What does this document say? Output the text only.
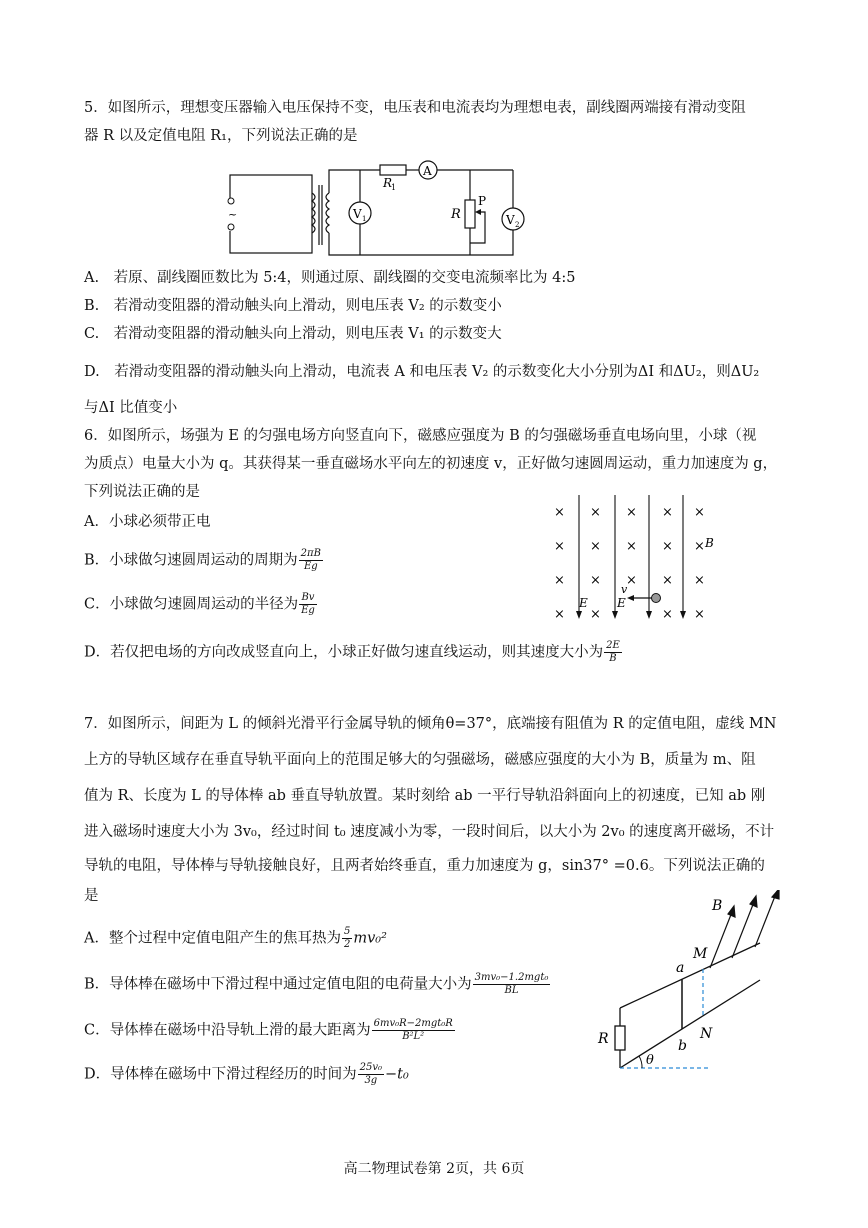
5．如图所示，理想变压器输入电压保持不变，电压表和电流表均为理想电表，副线圈两端接有滑动变阻
器 R 以及定值电阻 R₁，下列说法正确的是
~
A
R
1
V 1	R
P
V 2
A.　若原、副线圈匝数比为 5:4，则通过原、副线圈的交变电流频率比为 4:5
B.　若滑动变阻器的滑动触头向上滑动，则电压表 V₂ 的示数变小
C.　若滑动变阻器的滑动触头向上滑动，则电压表 V₁ 的示数变大
D.　若滑动变阻器的滑动触头向上滑动，电流表 A 和电压表 V₂ 的示数变化大小分别为ΔI 和ΔU₂，则ΔU₂
与ΔI 比值变小
6．如图所示，场强为 E 的匀强电场方向竖直向下，磁感应强度为 B 的匀强磁场垂直电场向里，小球（视
为质点）电量大小为 q。其获得某一垂直磁场水平向左的初速度 v，正好做匀速圆周运动，重力加速度为 g，
下列说法正确的是
A．小球必须带正电
B．小球做匀速圆周运动的周期为 $\frac{2\pi B}{Eg}$
C．小球做匀速圆周运动的半径为 $\frac{Bv}{Eg}$
D．若仅把电场的方向改成竖直向上，小球正好做匀速直线运动，则其速度大小为 $\frac{2E}{B}$
× × × × ×
× × × × ×
× × × × ×
× ×	× ×
B
E E
v
7．如图所示，间距为 L 的倾斜光滑平行金属导轨的倾角θ=37°，底端接有阻值为 R 的定值电阻，虚线 MN
上方的导轨区域存在垂直导轨平面向上的范围足够大的匀强磁场，磁感应强度的大小为 B，质量为 m、阻
值为 R、长度为 L 的导体棒 ab 垂直导轨放置。某时刻给 ab 一平行导轨沿斜面向上的初速度，已知 ab 刚
进入磁场时速度大小为 3v₀，经过时间 t₀ 速度减小为零，一段时间后，以大小为 2v₀ 的速度离开磁场，不计
导轨的电阻，导体棒与导轨接触良好，且两者始终垂直，重力加速度为 g，sin37° =0.6。下列说法正确的
是
A．整个过程中定值电阻产生的焦耳热为 $\frac{5}{2} mv_0^2$
B．导体棒在磁场中下滑过程中通过定值电阻的电荷量大小为 $\frac{\text{3mv₀−1.2mgt₀}}{BL}$
C．导体棒在磁场中沿导轨上滑的最大距离为 $\frac{\text{6mv₀R−2mgt₀R}}{\text{B²L²}}$
D．导体棒在磁场中下滑过程经历的时间为 $\frac{\text{25v₀}}{3g} -t_0$
R
a
b
M
N
B
θ
高二物理试卷第 2页，共 6页
